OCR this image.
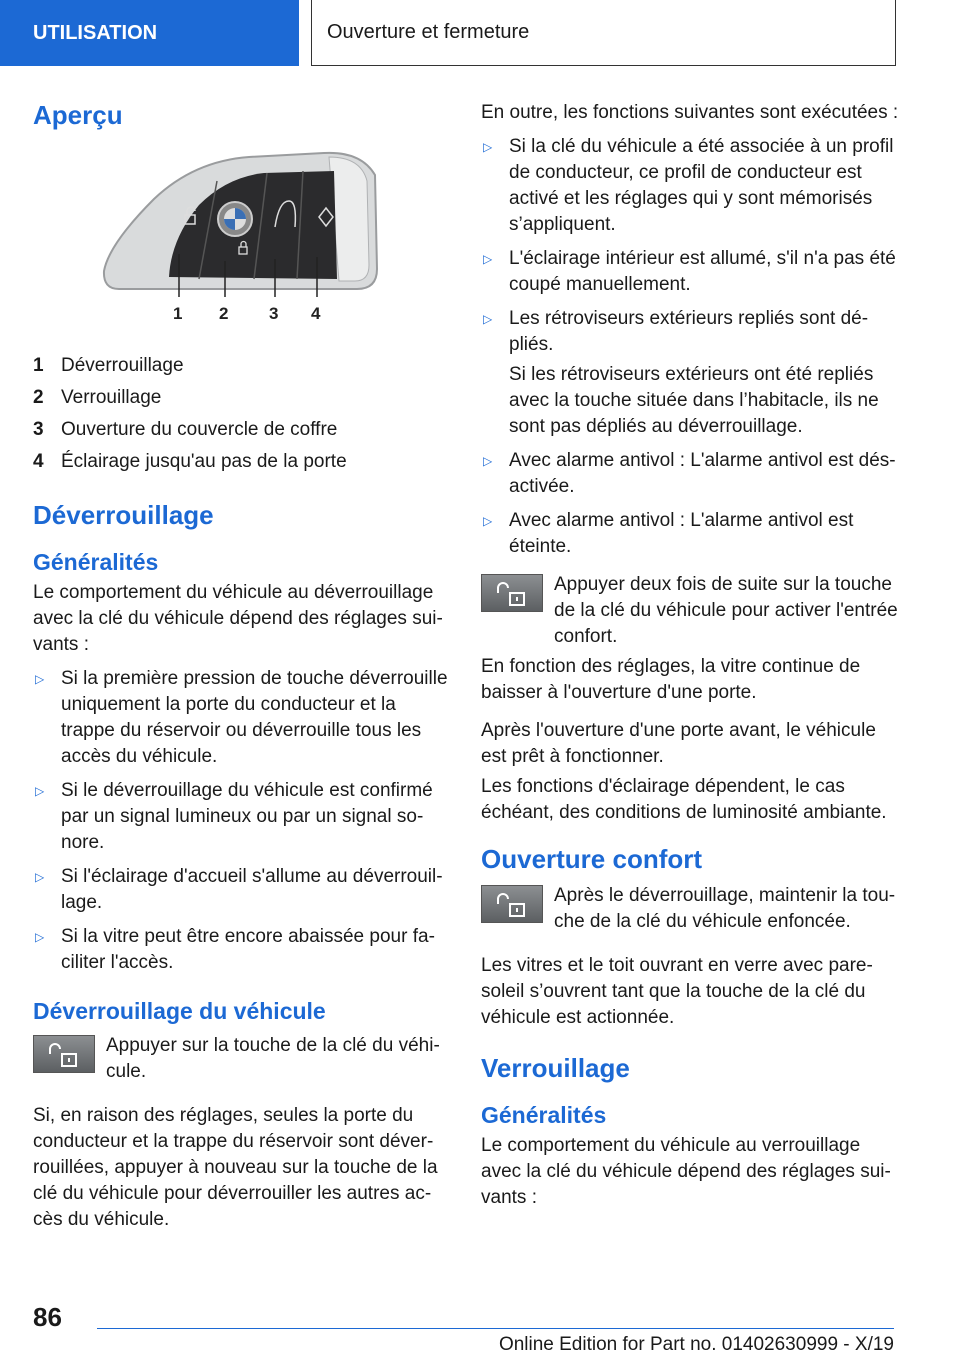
UTILISATION	Ouverture et fermeture
Aperçu
1 2 3 4
1 Déverrouillage
2 Verrouillage
3 Ouverture du couvercle de coffre
4 Éclairage jusqu'au pas de la porte
Déverrouillage
Généralités

Le comportement du véhicule au déverrouillage avec la clé du véhicule dépend des réglages suivants :

▷ Si la première pression de touche déverrouille uniquement la porte du conducteur et la trappe du réservoir ou déverrouille tous les accès du véhicule.
▷ Si le déverrouillage du véhicule est confirmé par un signal lumineux ou par un signal sonore.
▷ Si l'éclairage d'accueil s'allume au déverrouillage.
▷ Si la vitre peut être encore abaissée pour faciliter l'accès.
Déverrouillage du véhicule
Appuyer sur la touche de la clé du véhicule.

Si, en raison des réglages, seules la porte du conducteur et la trappe du réservoir sont déverrouillées, appuyer à nouveau sur la touche de la clé du véhicule pour déverrouiller les autres accès du véhicule.

En outre, les fonctions suivantes sont exécutées :

▷ Si la clé du véhicule a été associée à un profil de conducteur, ce profil de conducteur est activé et les réglages qui y sont mémorisés s’appliquent.
▷ L'éclairage intérieur est allumé, s'il n'a pas été coupé manuellement.
▷ Les rétroviseurs extérieurs repliés sont dépliés.
Si les rétroviseurs extérieurs ont été repliés avec la touche située dans l’habitacle, ils ne sont pas dépliés au déverrouillage.
▷ Avec alarme antivol : L'alarme antivol est désactivée.
▷ Avec alarme antivol : L'alarme antivol est éteinte.
Appuyer deux fois de suite sur la touche de la clé du véhicule pour activer l'entrée confort.

En fonction des réglages, la vitre continue de baisser à l'ouverture d'une porte.

Après l'ouverture d'une porte avant, le véhicule est prêt à fonctionner.

Les fonctions d'éclairage dépendent, le cas échéant, des conditions de luminosité ambiante.

Ouverture confort
Après le déverrouillage, maintenir la touche de la clé du véhicule enfoncée.

Les vitres et le toit ouvrant en verre avec pare-soleil s’ouvrent tant que la touche de la clé du véhicule est actionnée.

Verrouillage
Généralités

Le comportement du véhicule au verrouillage avec la clé du véhicule dépend des réglages suivants :

86
Online Edition for Part no. 01402630999 - X/19
